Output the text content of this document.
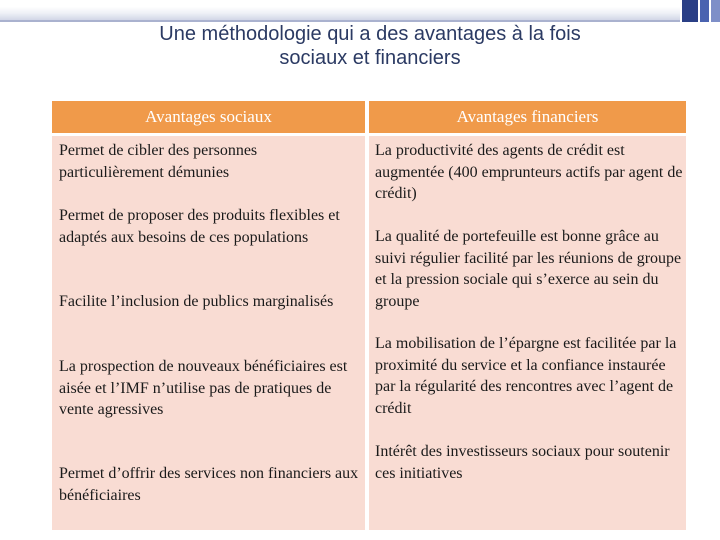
Une méthodologie qui a des avantages à la fois
sociaux et financiers
Avantages sociaux	Avantages financiers
Permet de cibler des personnes particulièrement démunies
Permet de proposer des produits flexibles et adaptés aux besoins de ces populations
Facilite l’inclusion de publics marginalisés
La prospection de nouveaux bénéficiaires est aisée et l’IMF n’utilise pas de pratiques de vente agressives
Permet d’offrir des services non financiers aux bénéficiaires
La productivité des agents de crédit est augmentée (400 emprunteurs actifs par agent de crédit)
La qualité de portefeuille est bonne grâce au suivi régulier facilité par les réunions de groupe et la pression sociale qui s’exerce au sein du groupe
La mobilisation de l’épargne est facilitée par la proximité du service et la confiance instaurée par la régularité des rencontres avec l’agent de crédit
Intérêt des investisseurs sociaux pour soutenir ces initiatives
